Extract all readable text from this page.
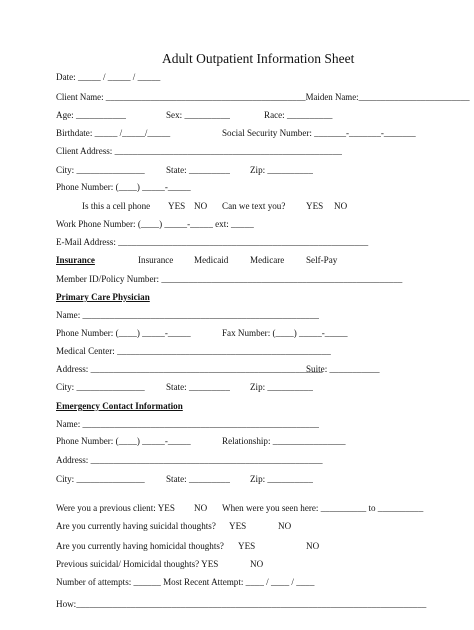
Adult Outpatient Information Sheet
Date: _____ / _____ / _____
Client Name: _____________________________________________Maiden Name:_________________________
Age: ___________	Sex: __________	Race: __________
Birthdate: _____ /_____/_____	Social Security Number: _______-_______-_______
Client Address: __________________________________________________
City: _______________ State: _________ Zip: __________
Phone Number: (____) _____-_____
Is this a cell phone YES NO Can we text you? YES NO
Work Phone Number: (____) _____-_____ ext: _____
E-Mail Address: _______________________________________________________
Insurance	Insurance Medicaid Medicare Self-Pay
Member ID/Policy Number: _____________________________________________________
Primary Care Physician
Name: ____________________________________________________
Phone Number: (____) _____-_____	Fax Number: (____) _____-_____
Medical Center: _______________________________________________
Address: ___________________________________________________
Suite: ___________
City: _______________ State: _________ Zip: __________
Emergency Contact Information
Name: ____________________________________________________
Phone Number: (____) _____-_____	Relationship: ________________
Address: ___________________________________________________
City: _______________ State: _________ Zip: __________
Were you a previous client: YES NO When were you seen here: __________ to __________
Are you currently having suicidal thoughts? YES	NO
Are you currently having homicidal thoughts? YES	NO
Previous suicidal/ Homicidal thoughts? YES	NO
Number of attempts: ______ Most Recent Attempt: ____ / ____ / ____
How:_____________________________________________________________________________
